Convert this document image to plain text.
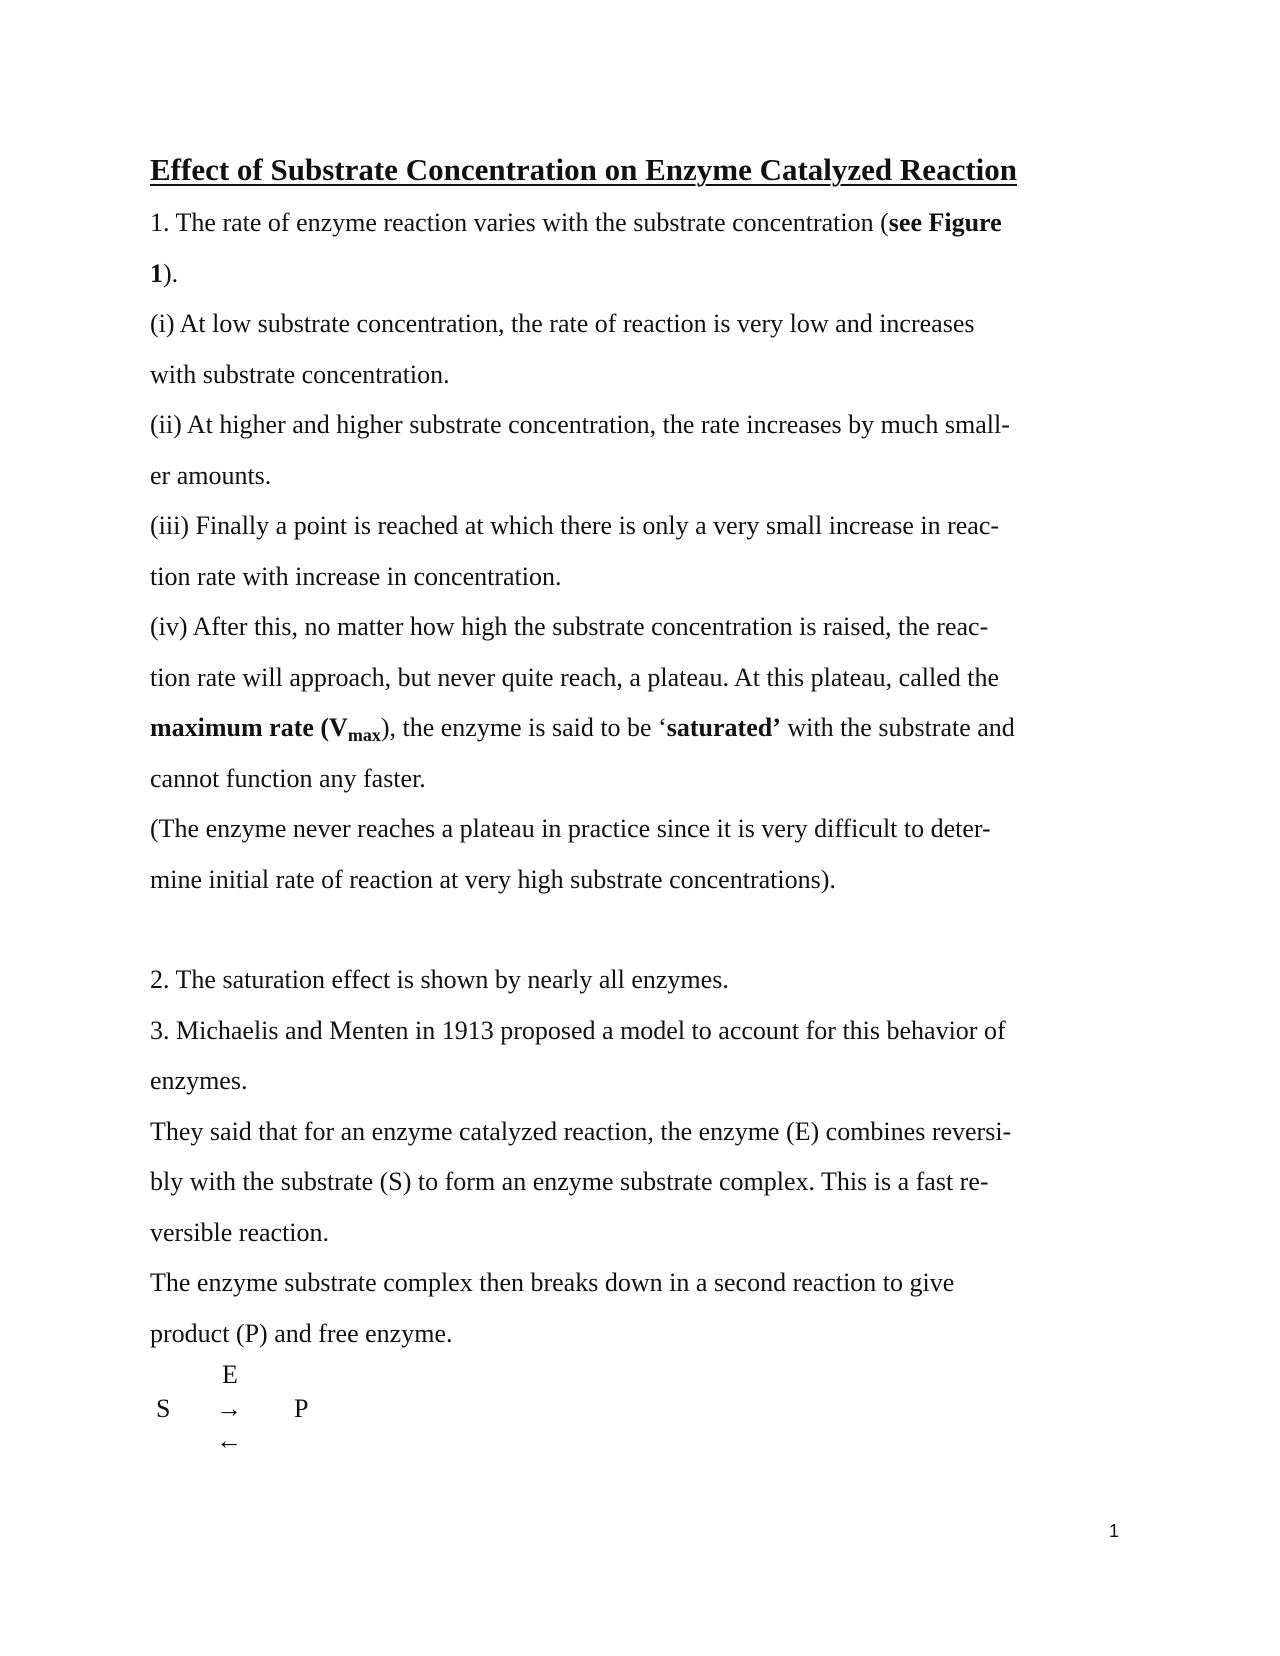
Effect of Substrate Concentration on Enzyme Catalyzed Reaction
1. The rate of enzyme reaction varies with the substrate concentration (see Figure
1).
(i) At low substrate concentration, the rate of reaction is very low and increases
with substrate concentration.
(ii) At higher and higher substrate concentration, the rate increases by much small-
er amounts.
(iii) Finally a point is reached at which there is only a very small increase in reac-
tion rate with increase in concentration.
(iv) After this, no matter how high the substrate concentration is raised, the reac-
tion rate will approach, but never quite reach, a plateau. At this plateau, called the
maximum rate $(V_{max})$, the enzyme is said to be ‘saturated’ with the substrate and
cannot function any faster.
(The enzyme never reaches a plateau in practice since it is very difficult to deter-
mine initial rate of reaction at very high substrate concentrations).
2. The saturation effect is shown by nearly all enzymes.
3. Michaelis and Menten in 1913 proposed a model to account for this behavior of
enzymes.
They said that for an enzyme catalyzed reaction, the enzyme (E) combines reversi-
bly with the substrate (S) to form an enzyme substrate complex. This is a fast re-
versible reaction.
The enzyme substrate complex then breaks down in a second reaction to give
product (P) and free enzyme.
E
S → P
←
1
